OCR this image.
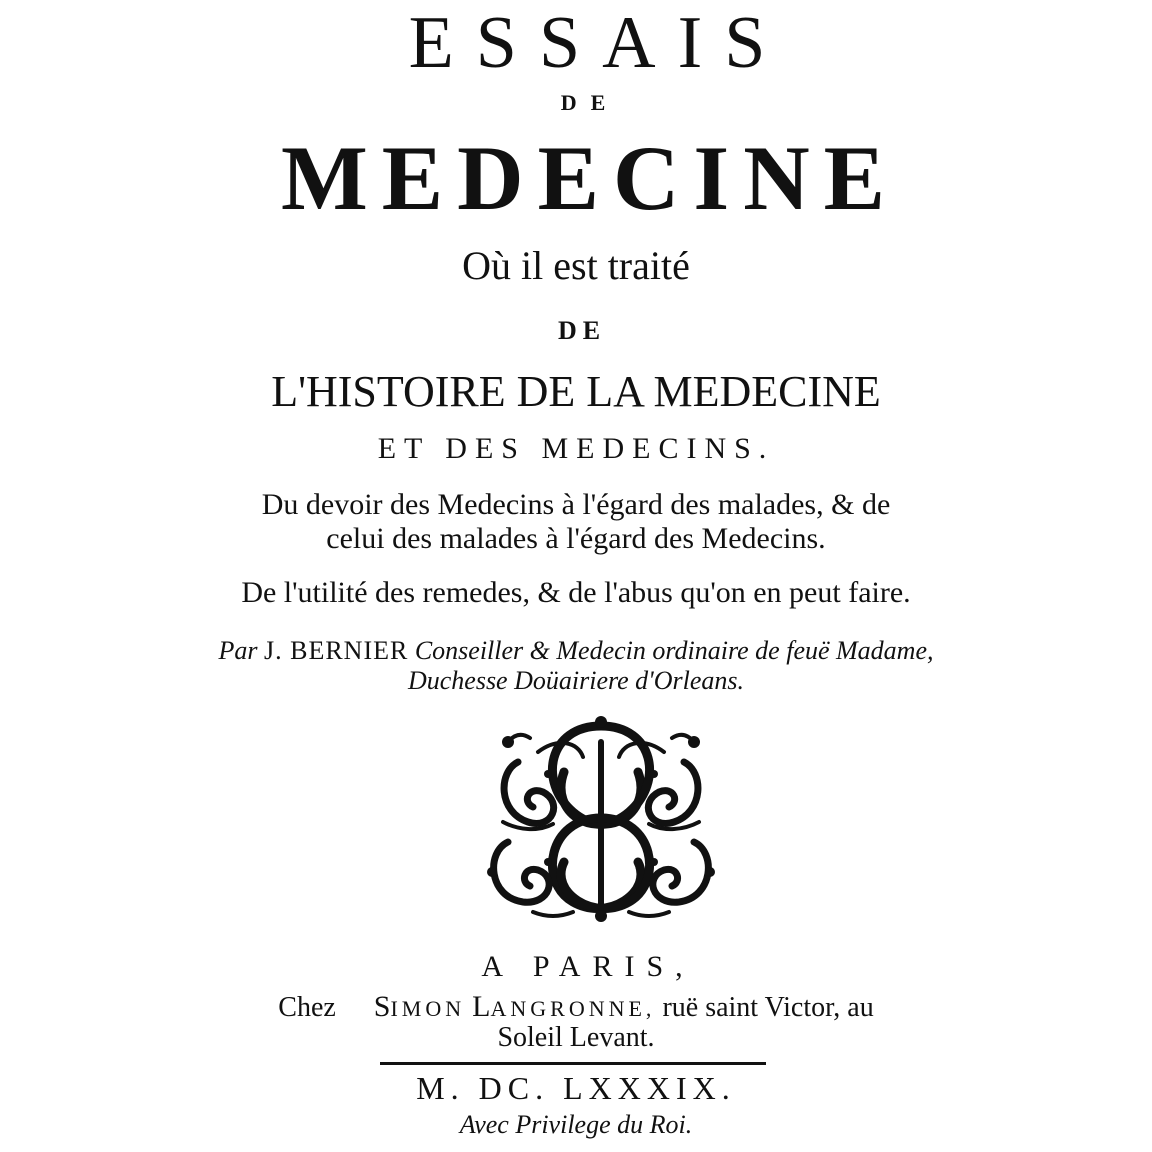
ESSAIS
DE
MEDECINE
Où il est traité
DE
L'HISTOIRE DE LA MEDECINE
ET DES MEDECINS.
Du devoir des Medecins à l'égard des malades, & de
celui des malades à l'égard des Medecins.
De l'utilité des remedes, & de l'abus qu'on en peut faire.
Par J. BERNIER Conseiller & Medecin ordinaire de feuë Madame,
Duchesse Doüairiere d'Orleans.
A PARIS,
Chez SIMON LANGRONNE, ruë saint Victor, au
Soleil Levant.
M. DC. LXXXIX.
Avec Privilege du Roi.
